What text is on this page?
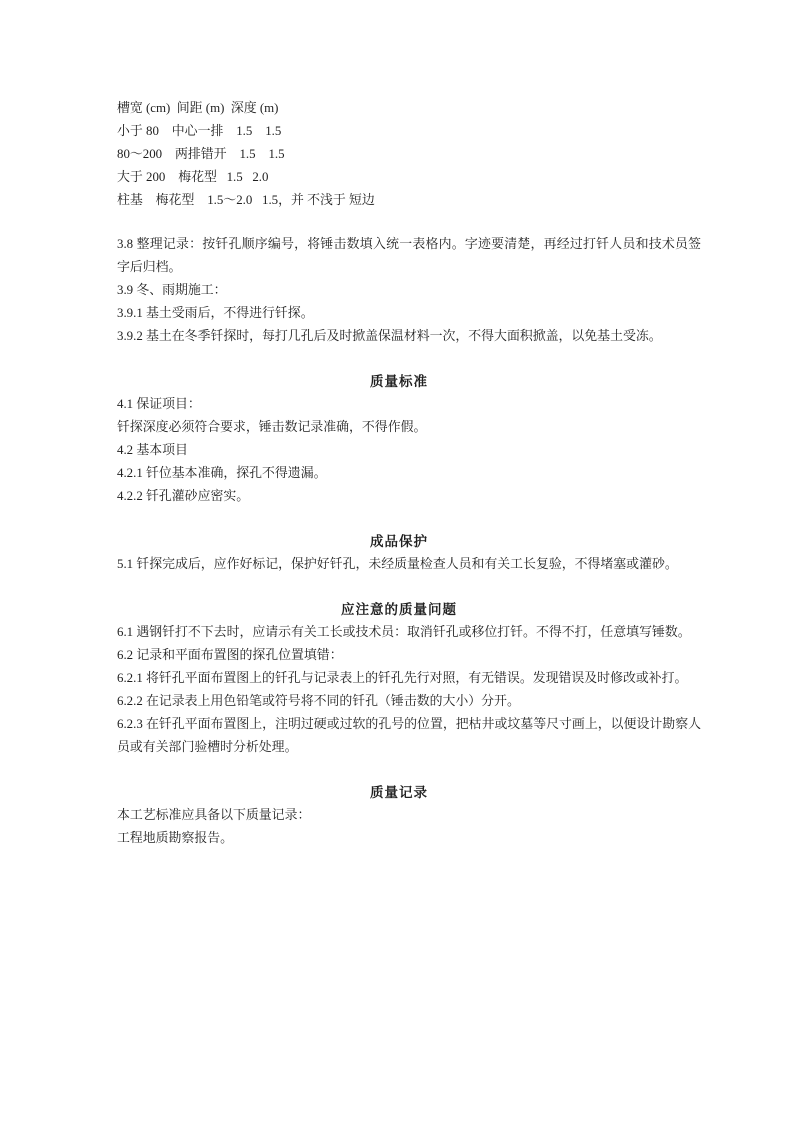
槽宽 (cm)  间距 (m)  深度 (m)
小于 80    中心一排    1.5    1.5
80～200    两排错开    1.5    1.5
大于 200    梅花型   1.5   2.0
柱基    梅花型    1.5～2.0   1.5，并 不浅于 短边

3.8 整理记录：按钎孔顺序编号，将锤击数填入统一表格内。字迹要清楚，再经过打钎人员和技术员签字后归档。

3.9 冬、雨期施工：

3.9.1 基土受雨后，不得进行钎探。

3.9.2 基土在冬季钎探时，每打几孔后及时掀盖保温材料一次，不得大面积掀盖，以免基土受冻。

质量标准

4.1 保证项目：

钎探深度必须符合要求，锤击数记录准确，不得作假。

4.2 基本项目

4.2.1 钎位基本准确，探孔不得遗漏。

4.2.2 钎孔灌砂应密实。

成品保护

5.1 钎探完成后，应作好标记，保护好钎孔，未经质量检查人员和有关工长复验，不得堵塞或灌砂。

应注意的质量问题

6.1 遇钢钎打不下去时，应请示有关工长或技术员：取消钎孔或移位打钎。不得不打，任意填写锤数。

6.2 记录和平面布置图的探孔位置填错：

6.2.1 将钎孔平面布置图上的钎孔与记录表上的钎孔先行对照，有无错误。发现错误及时修改或补打。

6.2.2 在记录表上用色铅笔或符号将不同的钎孔（锤击数的大小）分开。

6.2.3 在钎孔平面布置图上，注明过硬或过软的孔号的位置，把枯井或坟墓等尺寸画上，以便设计勘察人员或有关部门验槽时分析处理。

质量记录

本工艺标准应具备以下质量记录：

工程地质勘察报告。
